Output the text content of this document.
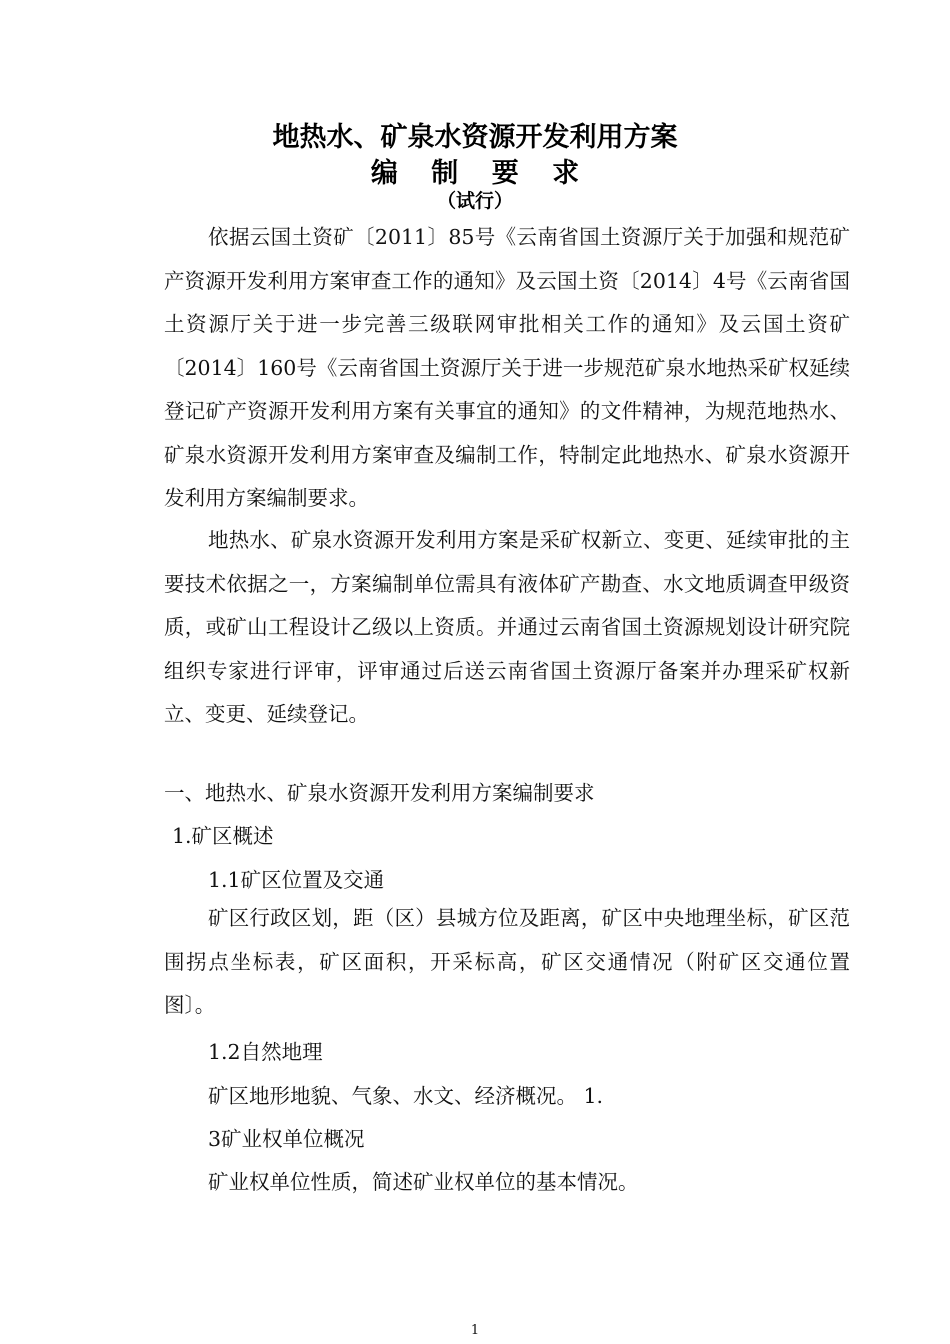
地热水、矿泉水资源开发利用方案
编 制 要 求
（试行）

依据云国土资矿〔2011〕85号《云南省国土资源厅关于加强和规范矿产资源开发利用方案审查工作的通知》及云国土资〔2014〕4号《云南省国土资源厅关于进一步完善三级联网审批相关工作的通知》及云国土资矿〔2014〕160号《云南省国土资源厅关于进一步规范矿泉水地热采矿权延续登记矿产资源开发利用方案有关事宜的通知》的文件精神，为规范地热水、矿泉水资源开发利用方案审查及编制工作，特制定此地热水、矿泉水资源开发利用方案编制要求。

地热水、矿泉水资源开发利用方案是采矿权新立、变更、延续审批的主要技术依据之一，方案编制单位需具有液体矿产勘查、水文地质调查甲级资质，或矿山工程设计乙级以上资质。并通过云南省国土资源规划设计研究院组织专家进行评审，评审通过后送云南省国土资源厅备案并办理采矿权新立、变更、延续登记。

一、地热水、矿泉水资源开发利用方案编制要求

1.矿区概述

1.1矿区位置及交通

矿区行政区划，距（区）县城方位及距离，矿区中央地理坐标，矿区范围拐点坐标表，矿区面积，开采标高，矿区交通情况（附矿区交通位置图〕。

1.2自然地理

矿区地形地貌、气象、水文、经济概况。 1.

3矿业权单位概况

矿业权单位性质，简述矿业权单位的基本情况。

1
